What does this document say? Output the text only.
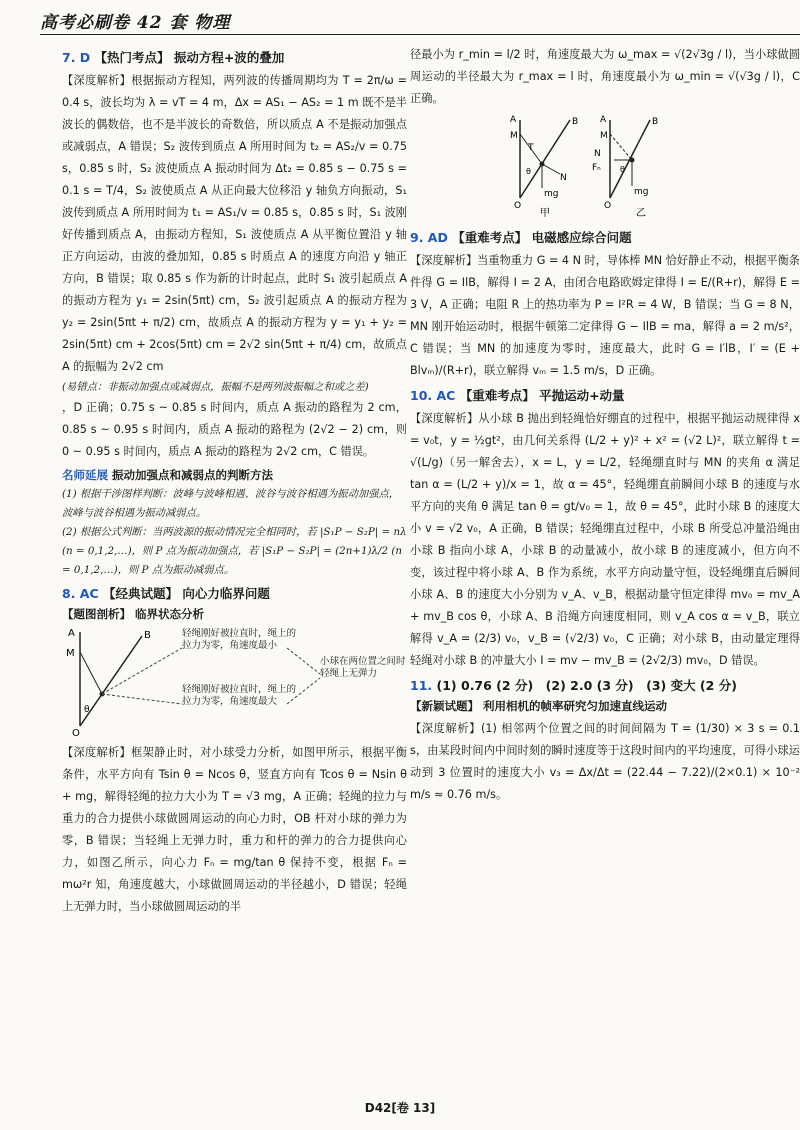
高考必刷卷 42 套 物理
7. D 【热门考点】 振动方程+波的叠加

【深度解析】根据振动方程知，两列波的传播周期均为 T = 2π/ω = 0.4 s，波长均为 λ = vT = 4 m，Δx = AS₁ − AS₂ = 1 m 既不是半波长的偶数倍，也不是半波长的奇数倍，所以质点 A 不是振动加强点或减弱点，A 错误；S₂ 波传到质点 A 所用时间为 t₂ = AS₂/v = 0.75 s，0.85 s 时，S₂ 波使质点 A 振动时间为 Δt₂ = 0.85 s − 0.75 s = 0.1 s = T/4，S₂ 波使质点 A 从正向最大位移沿 y 轴负方向振动，S₁ 波传到质点 A 所用时间为 t₁ = AS₁/v = 0.85 s，0.85 s 时，S₁ 波刚好传播到质点 A，由振动方程知，S₁ 波使质点 A 从平衡位置沿 y 轴正方向运动，由波的叠加知，0.85 s 时质点 A 的速度方向沿 y 轴正方向，B 错误；取 0.85 s 作为新的计时起点，此时 S₁ 波引起质点 A 的振动方程为 y₁ = 2sin(5πt) cm，S₂ 波引起质点 A 的振动方程为 y₂ = 2sin(5πt + π/2) cm，故质点 A 的振动方程为 y = y₁ + y₂ = 2sin(5πt) cm + 2cos(5πt) cm = 2√2 sin(5πt + π/4) cm，故质点 A 的振幅为 2√2 cm

(易错点：非振动加强点或减弱点，振幅不是两列波振幅之和或之差)

，D 正确；0.75 s ~ 0.85 s 时间内，质点 A 振动的路程为 2 cm，0.85 s ~ 0.95 s 时间内，质点 A 振动的路程为 (2√2 − 2) cm，则 0 ~ 0.95 s 时间内，质点 A 振动的路程为 2√2 cm，C 错误。

名师延展 振动加强点和减弱点的判断方法

(1) 根据干涉图样判断：波峰与波峰相遇、波谷与波谷相遇为振动加强点，波峰与波谷相遇为振动减弱点。

(2) 根据公式判断：当两波源的振动情况完全相同时，若 |S₁P − S₂P| = nλ (n = 0,1,2,…)，则 P 点为振动加强点，若 |S₁P − S₂P| = (2n+1)λ/2 (n = 0,1,2,…)，则 P 点为振动减弱点。

8. AC 【经典试题】 向心力临界问题
【题图剖析】 临界状态分析
A
M
O
B
θ
轻绳刚好被拉直时，绳上的拉力为零，角速度最小
轻绳刚好被拉直时，绳上的拉力为零，角速度最大
小球在两位置之间时轻绳上无弹力

【深度解析】框架静止时，对小球受力分析，如图甲所示，根据平衡条件，水平方向有 Tsin θ = Ncos θ，竖直方向有 Tcos θ = Nsin θ + mg，解得轻绳的拉力大小为 T = √3 mg，A 正确；轻绳的拉力与重力的合力提供小球做圆周运动的向心力时，OB 杆对小球的弹力为零，B 错误；当轻绳上无弹力时，重力和杆的弹力的合力提供向心力，如图乙所示，向心力 Fₙ = mg/tan θ 保持不变，根据 Fₙ = mω²r 知，角速度越大，小球做圆周运动的半径越小，D 错误；轻绳上无弹力时，当小球做圆周运动的半

径最小为 r_min = l/2 时，角速度最大为 ω_max = √(2√3g / l)，当小球做圆周运动的半径最大为 r_max = l 时，角速度最小为 ω_min = √(√3g / l)，C 正确。

A
M
O
B
T
N
mg
θ
甲
A
M
O
B
N
Fₙ
mg
θ
乙
9. AD 【重难考点】 电磁感应综合问题

【深度解析】当重物重力 G = 4 N 时，导体棒 MN 恰好静止不动，根据平衡条件得 G = IlB，解得 I = 2 A，由闭合电路欧姆定律得 I = E/(R+r)，解得 E = 3 V，A 正确；电阻 R 上的热功率为 P = I²R = 4 W，B 错误；当 G = 8 N，MN 刚开始运动时，根据牛顿第二定律得 G − IlB = ma，解得 a = 2 m/s²，C 错误；当 MN 的加速度为零时，速度最大，此时 G = I′lB，I′ = (E + Blvₘ)/(R+r)，联立解得 vₘ = 1.5 m/s，D 正确。

10. AC 【重难考点】 平抛运动+动量

【深度解析】从小球 B 抛出到轻绳恰好绷直的过程中，根据平抛运动规律得 x = v₀t，y = ½gt²，由几何关系得 (L/2 + y)² + x² = (√2 L)²，联立解得 t = √(L/g)（另一解舍去），x = L，y = L/2，轻绳绷直时与 MN 的夹角 α 满足 tan α = (L/2 + y)/x = 1，故 α = 45°，轻绳绷直前瞬间小球 B 的速度与水平方向的夹角 θ 满足 tan θ = gt/v₀ = 1，故 θ = 45°，此时小球 B 的速度大小 v = √2 v₀，A 正确，B 错误；轻绳绷直过程中，小球 B 所受总冲量沿绳由小球 B 指向小球 A，小球 B 的动量减小，故小球 B 的速度减小，但方向不变，该过程中将小球 A、B 作为系统，水平方向动量守恒，设轻绳绷直后瞬间小球 A、B 的速度大小分别为 v_A、v_B，根据动量守恒定律得 mv₀ = mv_A + mv_B cos θ，小球 A、B 沿绳方向速度相同，则 v_A cos α = v_B，联立解得 v_A = (2/3) v₀，v_B = (√2/3) v₀，C 正确；对小球 B，由动量定理得轻绳对小球 B 的冲量大小 I = mv − mv_B = (2√2/3) mv₀，D 错误。

11. (1) 0.76 (2 分)　(2) 2.0 (3 分)　(3) 变大 (2 分)
【新颖试题】 利用相机的帧率研究匀加速直线运动

【深度解析】(1) 相邻两个位置之间的时间间隔为 T = (1/30) × 3 s = 0.1 s，由某段时间内中间时刻的瞬时速度等于这段时间内的平均速度，可得小球运动到 3 位置时的速度大小 v₃ = Δx/Δt = (22.44 − 7.22)/(2×0.1) × 10⁻² m/s ≈ 0.76 m/s。

D42[卷 13]
